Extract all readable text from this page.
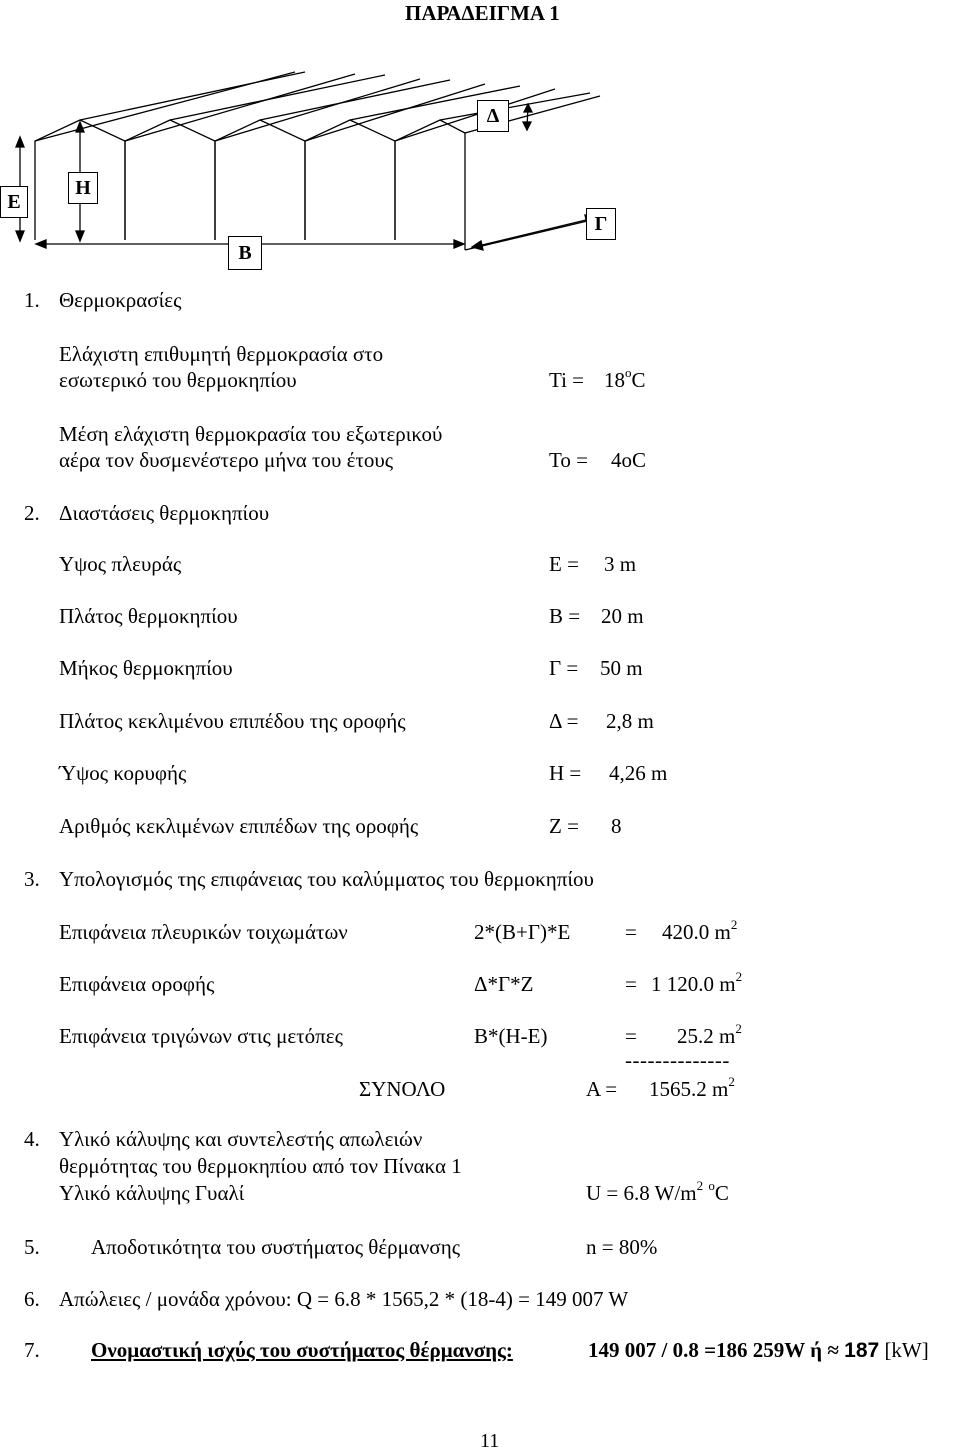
ΠΑΡΑΔΕΙΓΜΑ 1
E
H
B
Γ
Δ
1. Θερμοκρασίες
Ελάχιστη επιθυμητή θερμοκρασία στο
εσωτερικό του θερμοκηπίου	$Ti = 18^oC$
Μέση ελάχιστη θερμοκρασία του εξωτερικού
αέρα τον δυσμενέστερο μήνα του έτους	To = 4oC
2. Διαστάσεις θερμοκηπίου
Υψος πλευράς	E = 3 m
Πλάτος θερμοκηπίου	B = 20 m
Μήκος θερμοκηπίου	Γ = 50 m
Πλάτος κεκλιμένου επιπέδου της οροφής	Δ = 2,8 m
Ύψος κορυφής	H = 4,26 m
Αριθμός κεκλιμένων επιπέδων της οροφής	Z = 8
3. Υπολογισμός της επιφάνειας του καλύμματος του θερμοκηπίου
Επιφάνεια πλευρικών τοιχωμάτων	2*(B+Γ)*E	= 420.0 $m^2$
Επιφάνεια οροφής	Δ*Γ*Z	= 1 120.0 $m^2$
Επιφάνεια τριγώνων στις μετόπες	B*(H-E)	= 25.2 $m^2$
--------------
ΣΥΝΟΛΟ	A = 1565.2 $m^2$
4. Υλικό κάλυψης και συντελεστής απωλειών
θερμότητας του θερμοκηπίου από τον Πίνακα 1
Υλικό κάλυψης Γυαλί	U = 6.8 $W/m^2$ $^o$C
5. Αποδοτικότητα του συστήματος θέρμανσης	n = 80%
6. Απώλειες / μονάδα χρόνου: Q = 6.8 * 1565,2 * (18-4) = 149 007 W
7. Ονομαστική ισχύς του συστήματος θέρμανσης:	149 007 / 0.8 =186 259W ή ≈ 187 [kW]
11
